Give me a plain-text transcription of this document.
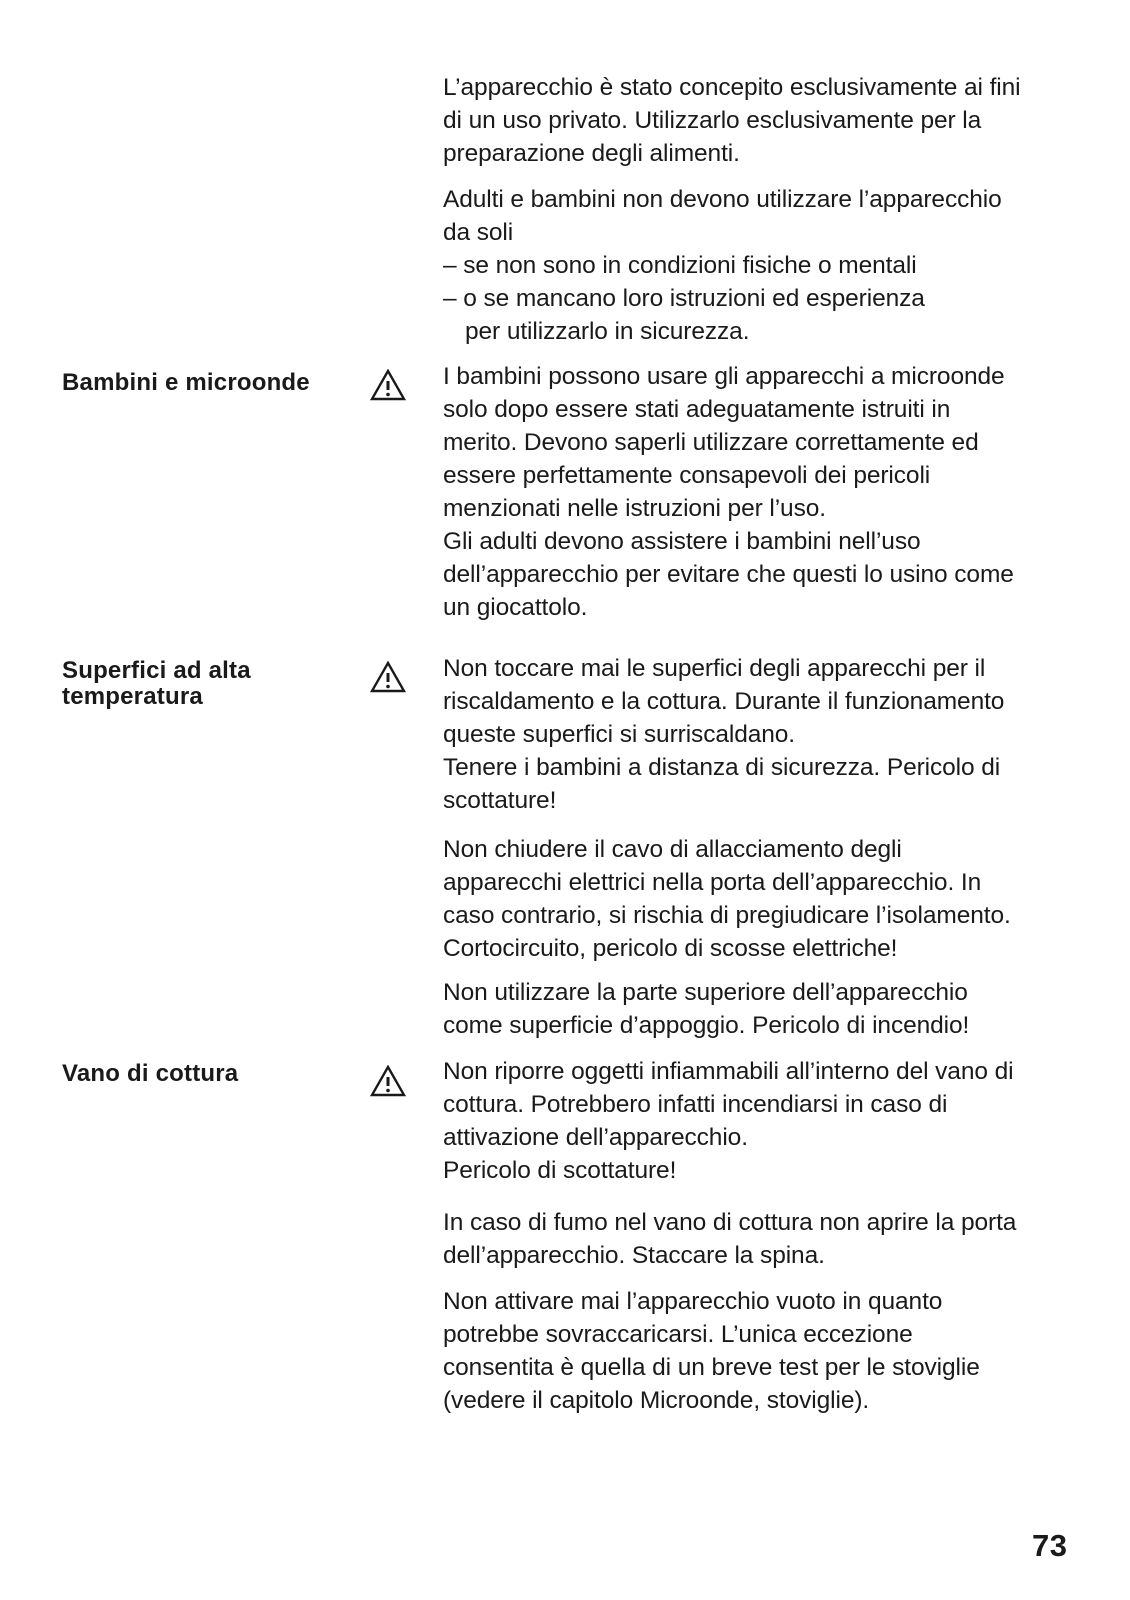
L’apparecchio è stato concepito esclusivamente ai fini
di un uso privato. Utilizzarlo esclusivamente per la
preparazione degli alimenti.

Adulti e bambini non devono utilizzare l’apparecchio
da soli
– se non sono in condizioni fisiche o mentali
– o se mancano loro istruzioni ed esperienza
per utilizzarlo in sicurezza.

Bambini e microonde	I bambini possono usare gli apparecchi a microonde
solo dopo essere stati adeguatamente istruiti in
merito. Devono saperli utilizzare correttamente ed
essere perfettamente consapevoli dei pericoli
menzionati nelle istruzioni per l’uso.
Gli adulti devono assistere i bambini nell’uso
dell’apparecchio per evitare che questi lo usino come
un giocattolo.

Superfici ad alta
temperatura

Non toccare mai le superfici degli apparecchi per il
riscaldamento e la cottura. Durante il funzionamento
queste superfici si surriscaldano.
Tenere i bambini a distanza di sicurezza. Pericolo di
scottature!

Non chiudere il cavo di allacciamento degli
apparecchi elettrici nella porta dell’apparecchio. In
caso contrario, si rischia di pregiudicare l’isolamento.
Cortocircuito, pericolo di scosse elettriche!

Non utilizzare la parte superiore dell’apparecchio
come superficie d’appoggio. Pericolo di incendio!

Vano di cottura	Non riporre oggetti infiammabili all’interno del vano di
cottura. Potrebbero infatti incendiarsi in caso di
attivazione dell’apparecchio.
Pericolo di scottature!

In caso di fumo nel vano di cottura non aprire la porta
dell’apparecchio. Staccare la spina.

Non attivare mai l’apparecchio vuoto in quanto
potrebbe sovraccaricarsi. L’unica eccezione
consentita è quella di un breve test per le stoviglie
(vedere il capitolo Microonde, stoviglie).

73
